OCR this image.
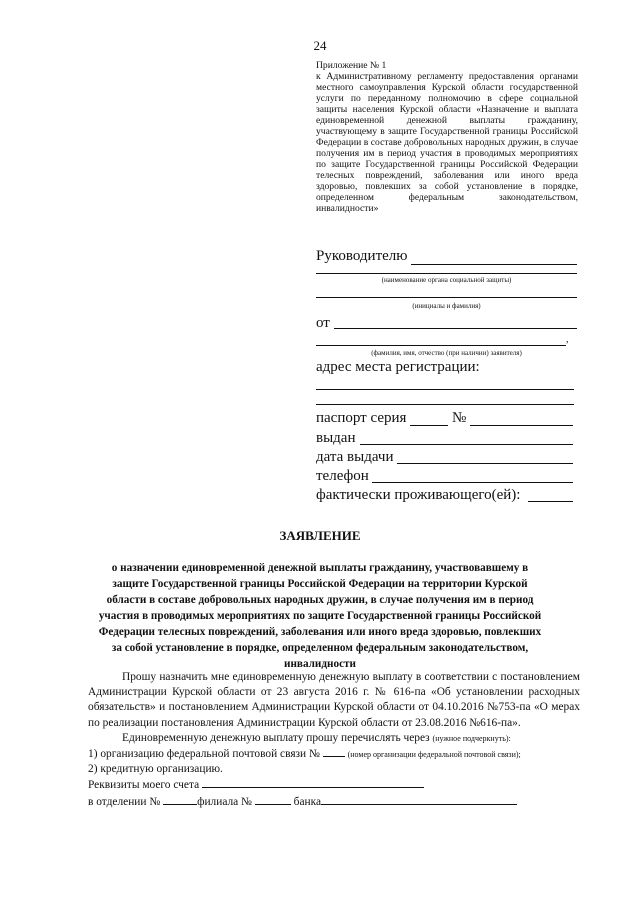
24
Приложение № 1
к Административному регламенту предоставления органами местного самоуправления Курской области государственной услуги по переданному полномочию в сфере социальной защиты населения Курской области «Назначение и выплата единовременной денежной выплаты гражданину, участвующему в защите Государственной границы Российской Федерации в составе добровольных народных дружин, в случае получения им в период участия в проводимых мероприятиях по защите Государственной границы Российской Федерации телесных повреждений, заболевания или иного вреда здоровью, повлекших за собой установление в порядке, определенном федеральным законодательством, инвалидности»
Руководителю
(наименование органа социальной защиты)
(инициалы и фамилия)
от
,
(фамилия, имя, отчество (при наличии) заявителя)
адрес места регистрации:
паспорт серия	№
выдан
дата выдачи
телефон
фактически проживающего(ей):
ЗАЯВЛЕНИЕ
о назначении единовременной денежной выплаты гражданину, участвовавшему в защите Государственной границы Российской Федерации на территории Курской области в составе добровольных народных дружин, в случае получения им в период участия в проводимых мероприятиях по защите Государственной границы Российской Федерации телесных повреждений, заболевания или иного вреда здоровью, повлекших за собой установление в порядке, определенном федеральным законодательством, инвалидности

Прошу назначить мне единовременную денежную выплату в соответствии с постановлением Администрации Курской области от 23 августа 2016 г. № 616-па «Об установлении расходных обязательств» и постановлением Администрации Курской области от 04.10.2016 №753-па «О мерах по реализации постановления Администрации Курской области от 23.08.2016 №616-па».

Единовременную денежную выплату прошу перечислять через (нужное подчеркнуть):

1) организацию федеральной почтовой связи №	(номер организации федеральной почтовой связи);

2) кредитную организацию.

Реквизиты моего счета

в отделении №	филиала №	банка
